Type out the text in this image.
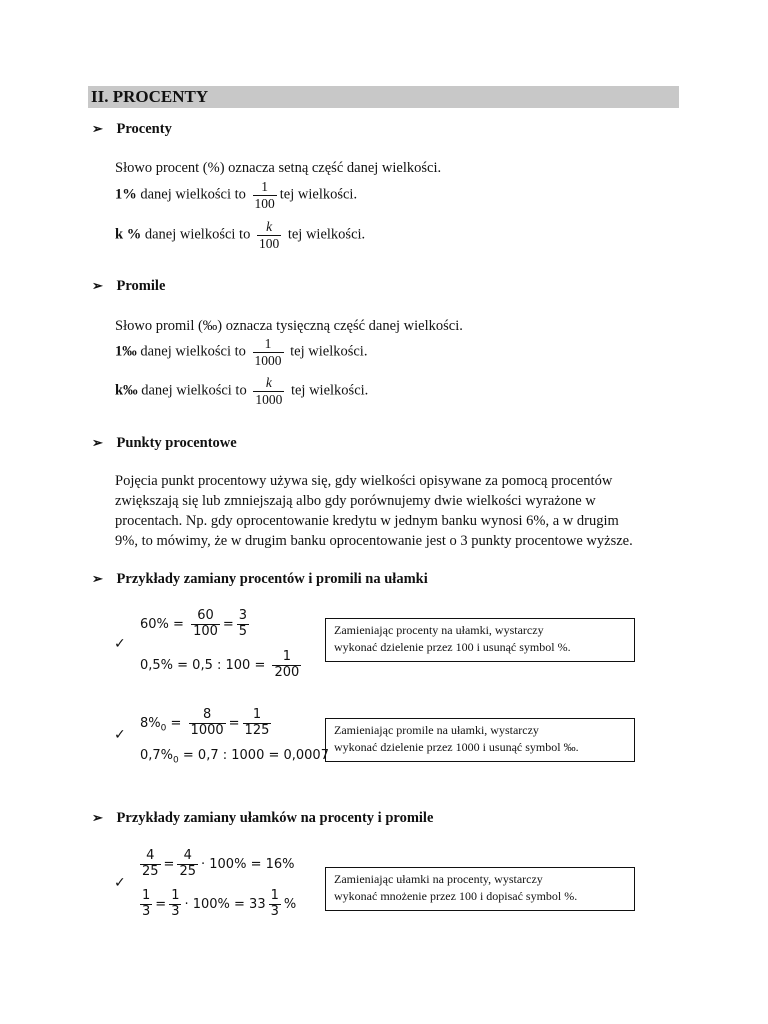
II. PROCENTY
➢ Procenty
Słowo procent (%) oznacza setną część danej wielkości.
1% danej wielkości to $\frac{1}{100}$ tej wielkości.
k % danej wielkości to $\frac{k}{100}$ tej wielkości.
➢ Promile
Słowo promil (‰) oznacza tysięczną część danej wielkości.
1‰ danej wielkości to $\frac{1}{1000}$ tej wielkości.
k‰ danej wielkości to $\frac{k}{1000}$ tej wielkości.
➢ Punkty procentowe
Pojęcia punkt procentowy używa się, gdy wielkości opisywane za pomocą procentów
zwiększają się lub zmniejszają albo gdy porównujemy dwie wielkości wyrażone w
procentach. Np. gdy oprocentowanie kredytu w jednym banku wynosi 6%, a w drugim
9%, to mówimy, że w drugim banku oprocentowanie jest o 3 punkty procentowe wyższe.
➢ Przykłady zamiany procentów i promili na ułamki
✓
$60\% = \frac{60}{100} = \frac{3}{5}$
0,5% = 0,5 : $100 = \frac{1}{200}$
Zamieniając procenty na ułamki, wystarczy
wykonać dzielenie przez 100 i usunąć symbol %.
✓
$8\%_0 = \frac{8}{1000} = \frac{1}{125}$
$0,7\%_0 = 0,7$ : 1000 = 0,0007
Zamieniając promile na ułamki, wystarczy
wykonać dzielenie przez 1000 i usunąć symbol ‰.
➢ Przykłady zamiany ułamków na procenty i promile
✓
$\frac{4}{25} = \frac{4}{25} \cdot 100\% = 16\%$
$\frac{1}{3} = \frac{1}{3} \cdot 100\% = 33 \frac{1}{3}$ %
Zamieniając ułamki na procenty, wystarczy
wykonać mnożenie przez 100 i dopisać symbol %.
